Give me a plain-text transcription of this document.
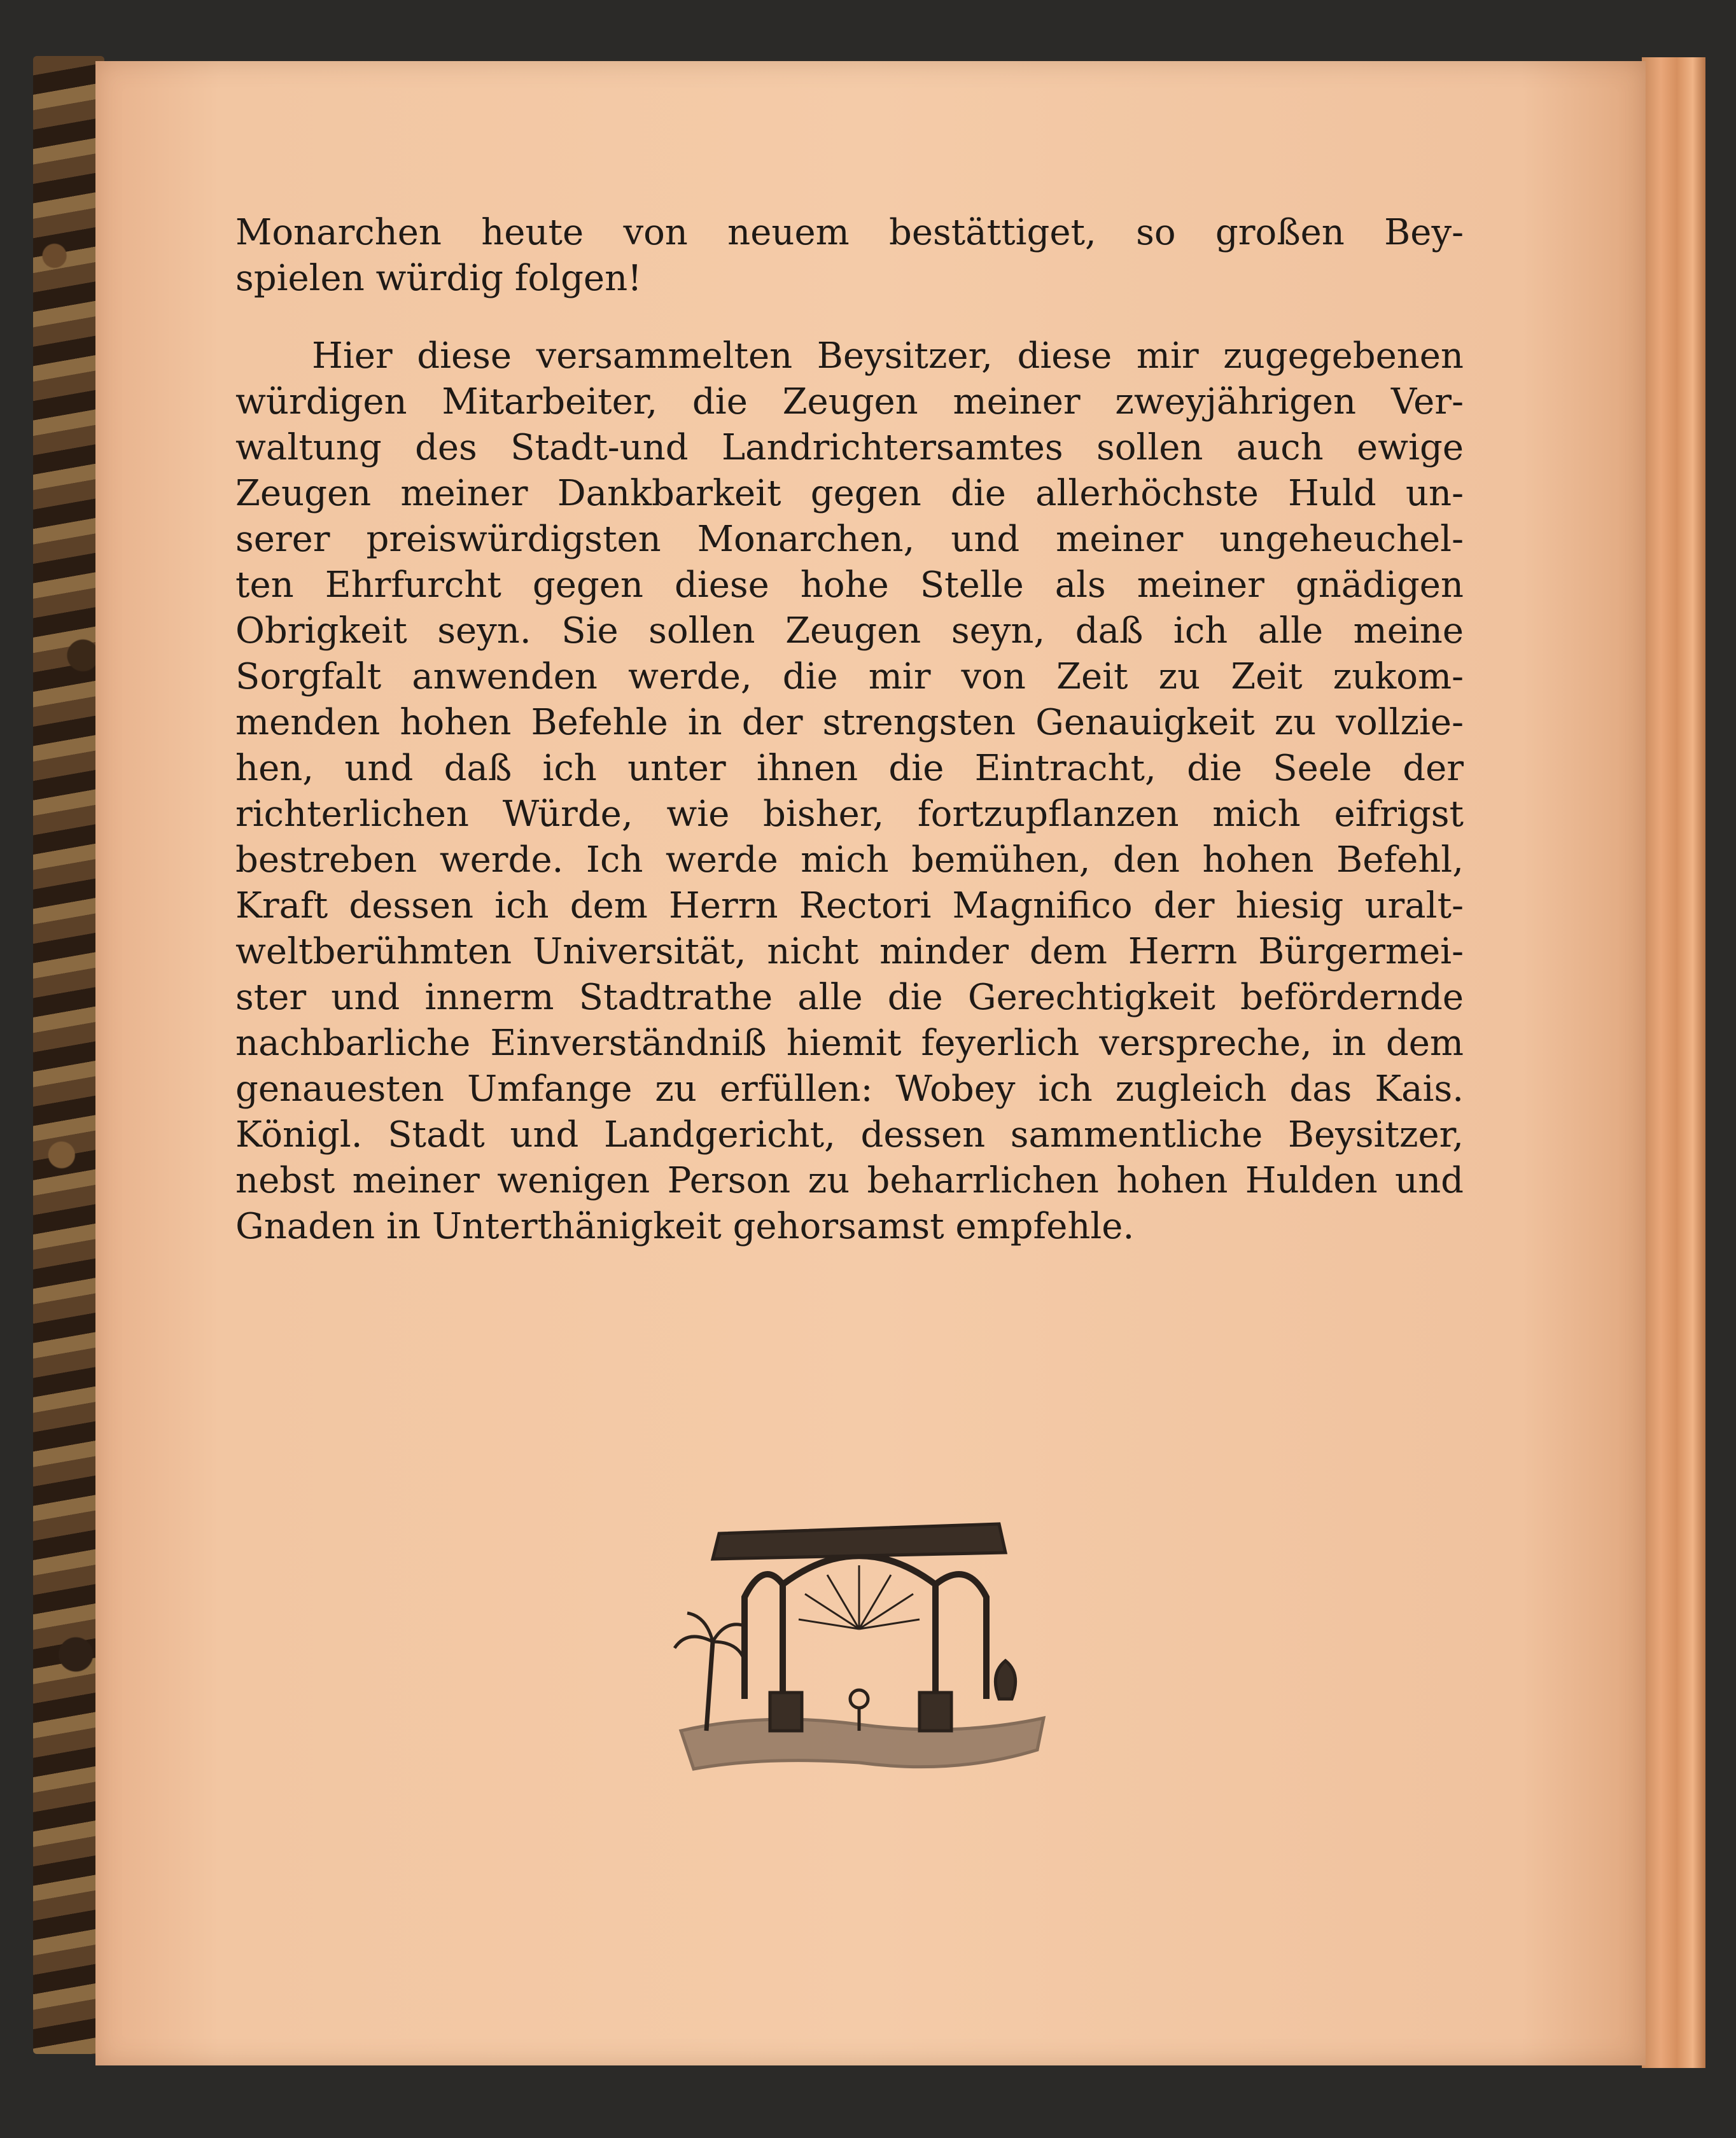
Monarchen heute von neuem bestättiget, so großen Bey-
spielen würdig folgen!
Hier diese versammelten Beysitzer, diese mir zugegebenen
würdigen Mitarbeiter, die Zeugen meiner zweyjährigen Ver-
waltung des Stadt-und Landrichtersamtes sollen auch ewige
Zeugen meiner Dankbarkeit gegen die allerhöchste Huld un-
serer preiswürdigsten Monarchen, und meiner ungeheuchel-
ten Ehrfurcht gegen diese hohe Stelle als meiner gnädigen
Obrigkeit seyn. Sie sollen Zeugen seyn, daß ich alle meine
Sorgfalt anwenden werde, die mir von Zeit zu Zeit zukom-
menden hohen Befehle in der strengsten Genauigkeit zu vollzie-
hen, und daß ich unter ihnen die Eintracht, die Seele der
richterlichen Würde, wie bisher, fortzupflanzen mich eifrigst
bestreben werde. Ich werde mich bemühen, den hohen Befehl,
Kraft dessen ich dem Herrn Rectori Magnifico der hiesig uralt-
weltberühmten Universität, nicht minder dem Herrn Bürgermei-
ster und innerm Stadtrathe alle die Gerechtigkeit befördernde
nachbarliche Einverständniß hiemit feyerlich verspreche, in dem
genauesten Umfange zu erfüllen: Wobey ich zugleich das Kais.
Königl. Stadt und Landgericht, dessen sammentliche Beysitzer,
nebst meiner wenigen Person zu beharrlichen hohen Hulden und
Gnaden in Unterthänigkeit gehorsamst empfehle.
